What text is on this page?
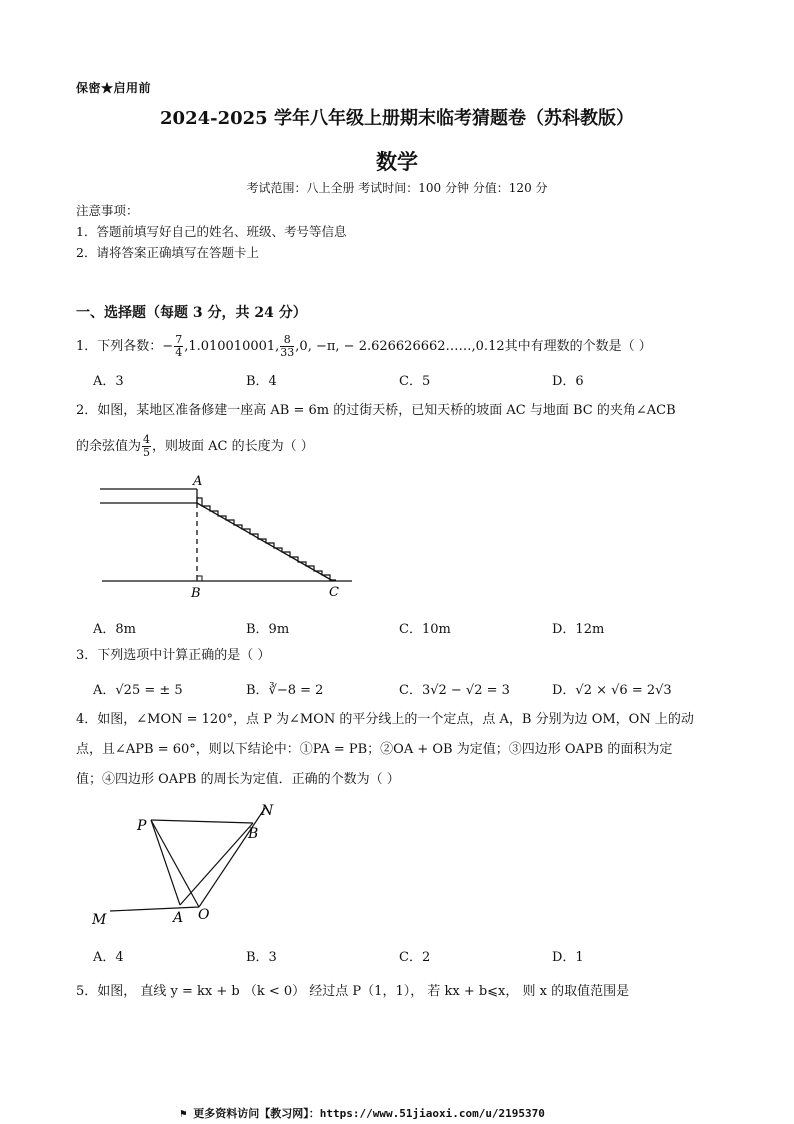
保密★启用前
2024-2025 学年八年级上册期末临考猜题卷（苏科教版）
数学
考试范围：八上全册 考试时间：100 分钟 分值：120 分
注意事项：
1．答题前填写好自己的姓名、班级、考号等信息
2．请将答案正确填写在答题卡上
一、选择题（每题 3 分，共 24 分）
1．下列各数：− $\frac{7}{4} ,1.010010001$, $\frac{8}{33} ,0$, −π, − 2.626626662……,0.12其中有理数的个数是（ ）
A．3	B．4	C．5	D．6
2．如图，某地区准备修建一座高 AB = 6m 的过街天桥，已知天桥的坡面 AC 与地面 BC 的夹角∠ACB
的余弦值为 $\frac{4}{5}$ ，则坡面 AC 的长度为（ ）
A
B	C
A．8m	B．9m	C．10m	D．12m
3．下列选项中计算正确的是（ ）
A．√25 = ± 5	B．∛−8 = 2	C．3√2 − √2 = 3	D．√2 × √6 = 2√3
4．如图，∠MON = 120°，点 P 为∠MON 的平分线上的一个定点，点 A，B 分别为边 OM，ON 上的动
点，且∠APB = 60°，则以下结论中：①PA = PB；②OA + OB 为定值；③四边形 OAPB 的面积为定
值；④四边形 OAPB 的周长为定值．正确的个数为（ ）
P
N
B
M	A O
A．4	B．3	C．2	D．1
5．如图， 直线 y = kx + b （k < 0） 经过点 P（1，1）， 若 kx + b⩽x， 则 x 的取值范围是
⚑ 更多资料访问【教习网】：https://www.51jiaoxi.com/u/2195370
